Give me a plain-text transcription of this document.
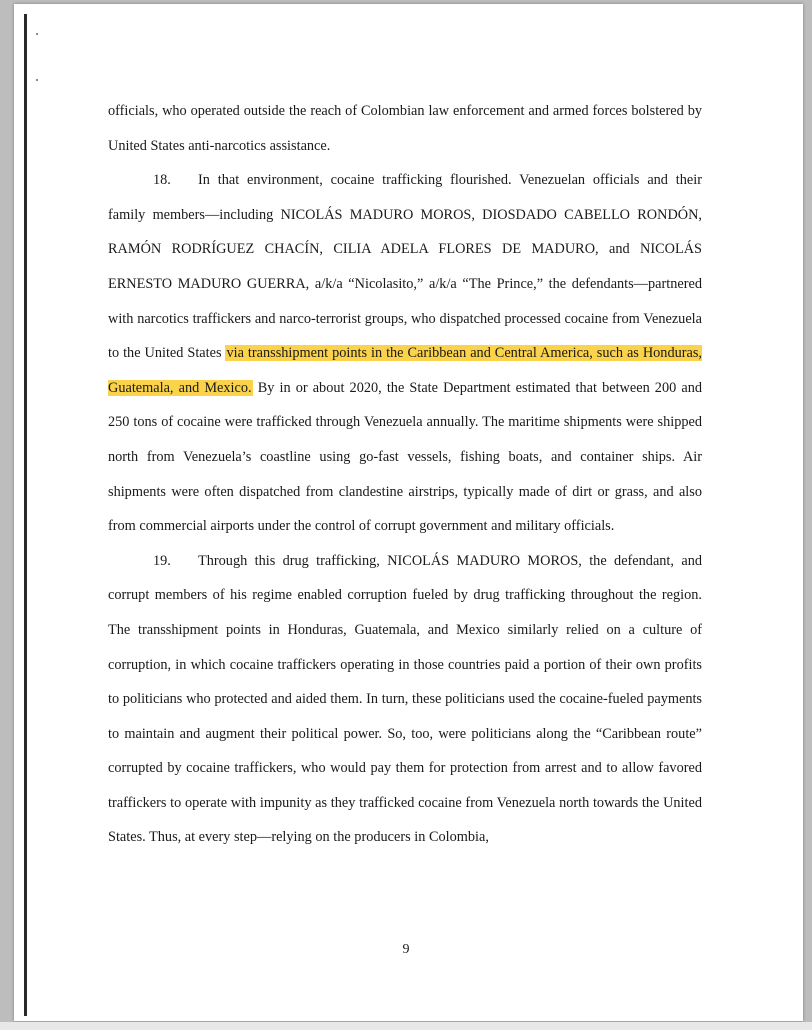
officials, who operated outside the reach of Colombian law enforcement and armed forces bolstered by United States anti-narcotics assistance.

18. In that environment, cocaine trafficking flourished. Venezuelan officials and their family members—including NICOLÁS MADURO MOROS, DIOSDADO CABELLO RONDÓN, RAMÓN RODRÍGUEZ CHACÍN, CILIA ADELA FLORES DE MADURO, and NICOLÁS ERNESTO MADURO GUERRA, a/k/a “Nicolasito,” a/k/a “The Prince,” the defendants—partnered with narcotics traffickers and narco-terrorist groups, who dispatched processed cocaine from Venezuela to the United States via transshipment points in the Caribbean and Central America, such as Honduras, Guatemala, and Mexico. By in or about 2020, the State Department estimated that between 200 and 250 tons of cocaine were trafficked through Venezuela annually. The maritime shipments were shipped north from Venezuela’s coastline using go-fast vessels, fishing boats, and container ships. Air shipments were often dispatched from clandestine airstrips, typically made of dirt or grass, and also from commercial airports under the control of corrupt government and military officials.

19. Through this drug trafficking, NICOLÁS MADURO MOROS, the defendant, and corrupt members of his regime enabled corruption fueled by drug trafficking throughout the region. The transshipment points in Honduras, Guatemala, and Mexico similarly relied on a culture of corruption, in which cocaine traffickers operating in those countries paid a portion of their own profits to politicians who protected and aided them. In turn, these politicians used the cocaine-fueled payments to maintain and augment their political power. So, too, were politicians along the “Caribbean route” corrupted by cocaine traffickers, who would pay them for protection from arrest and to allow favored traffickers to operate with impunity as they trafficked cocaine from Venezuela north towards the United States. Thus, at every step—relying on the producers in Colombia,

9
